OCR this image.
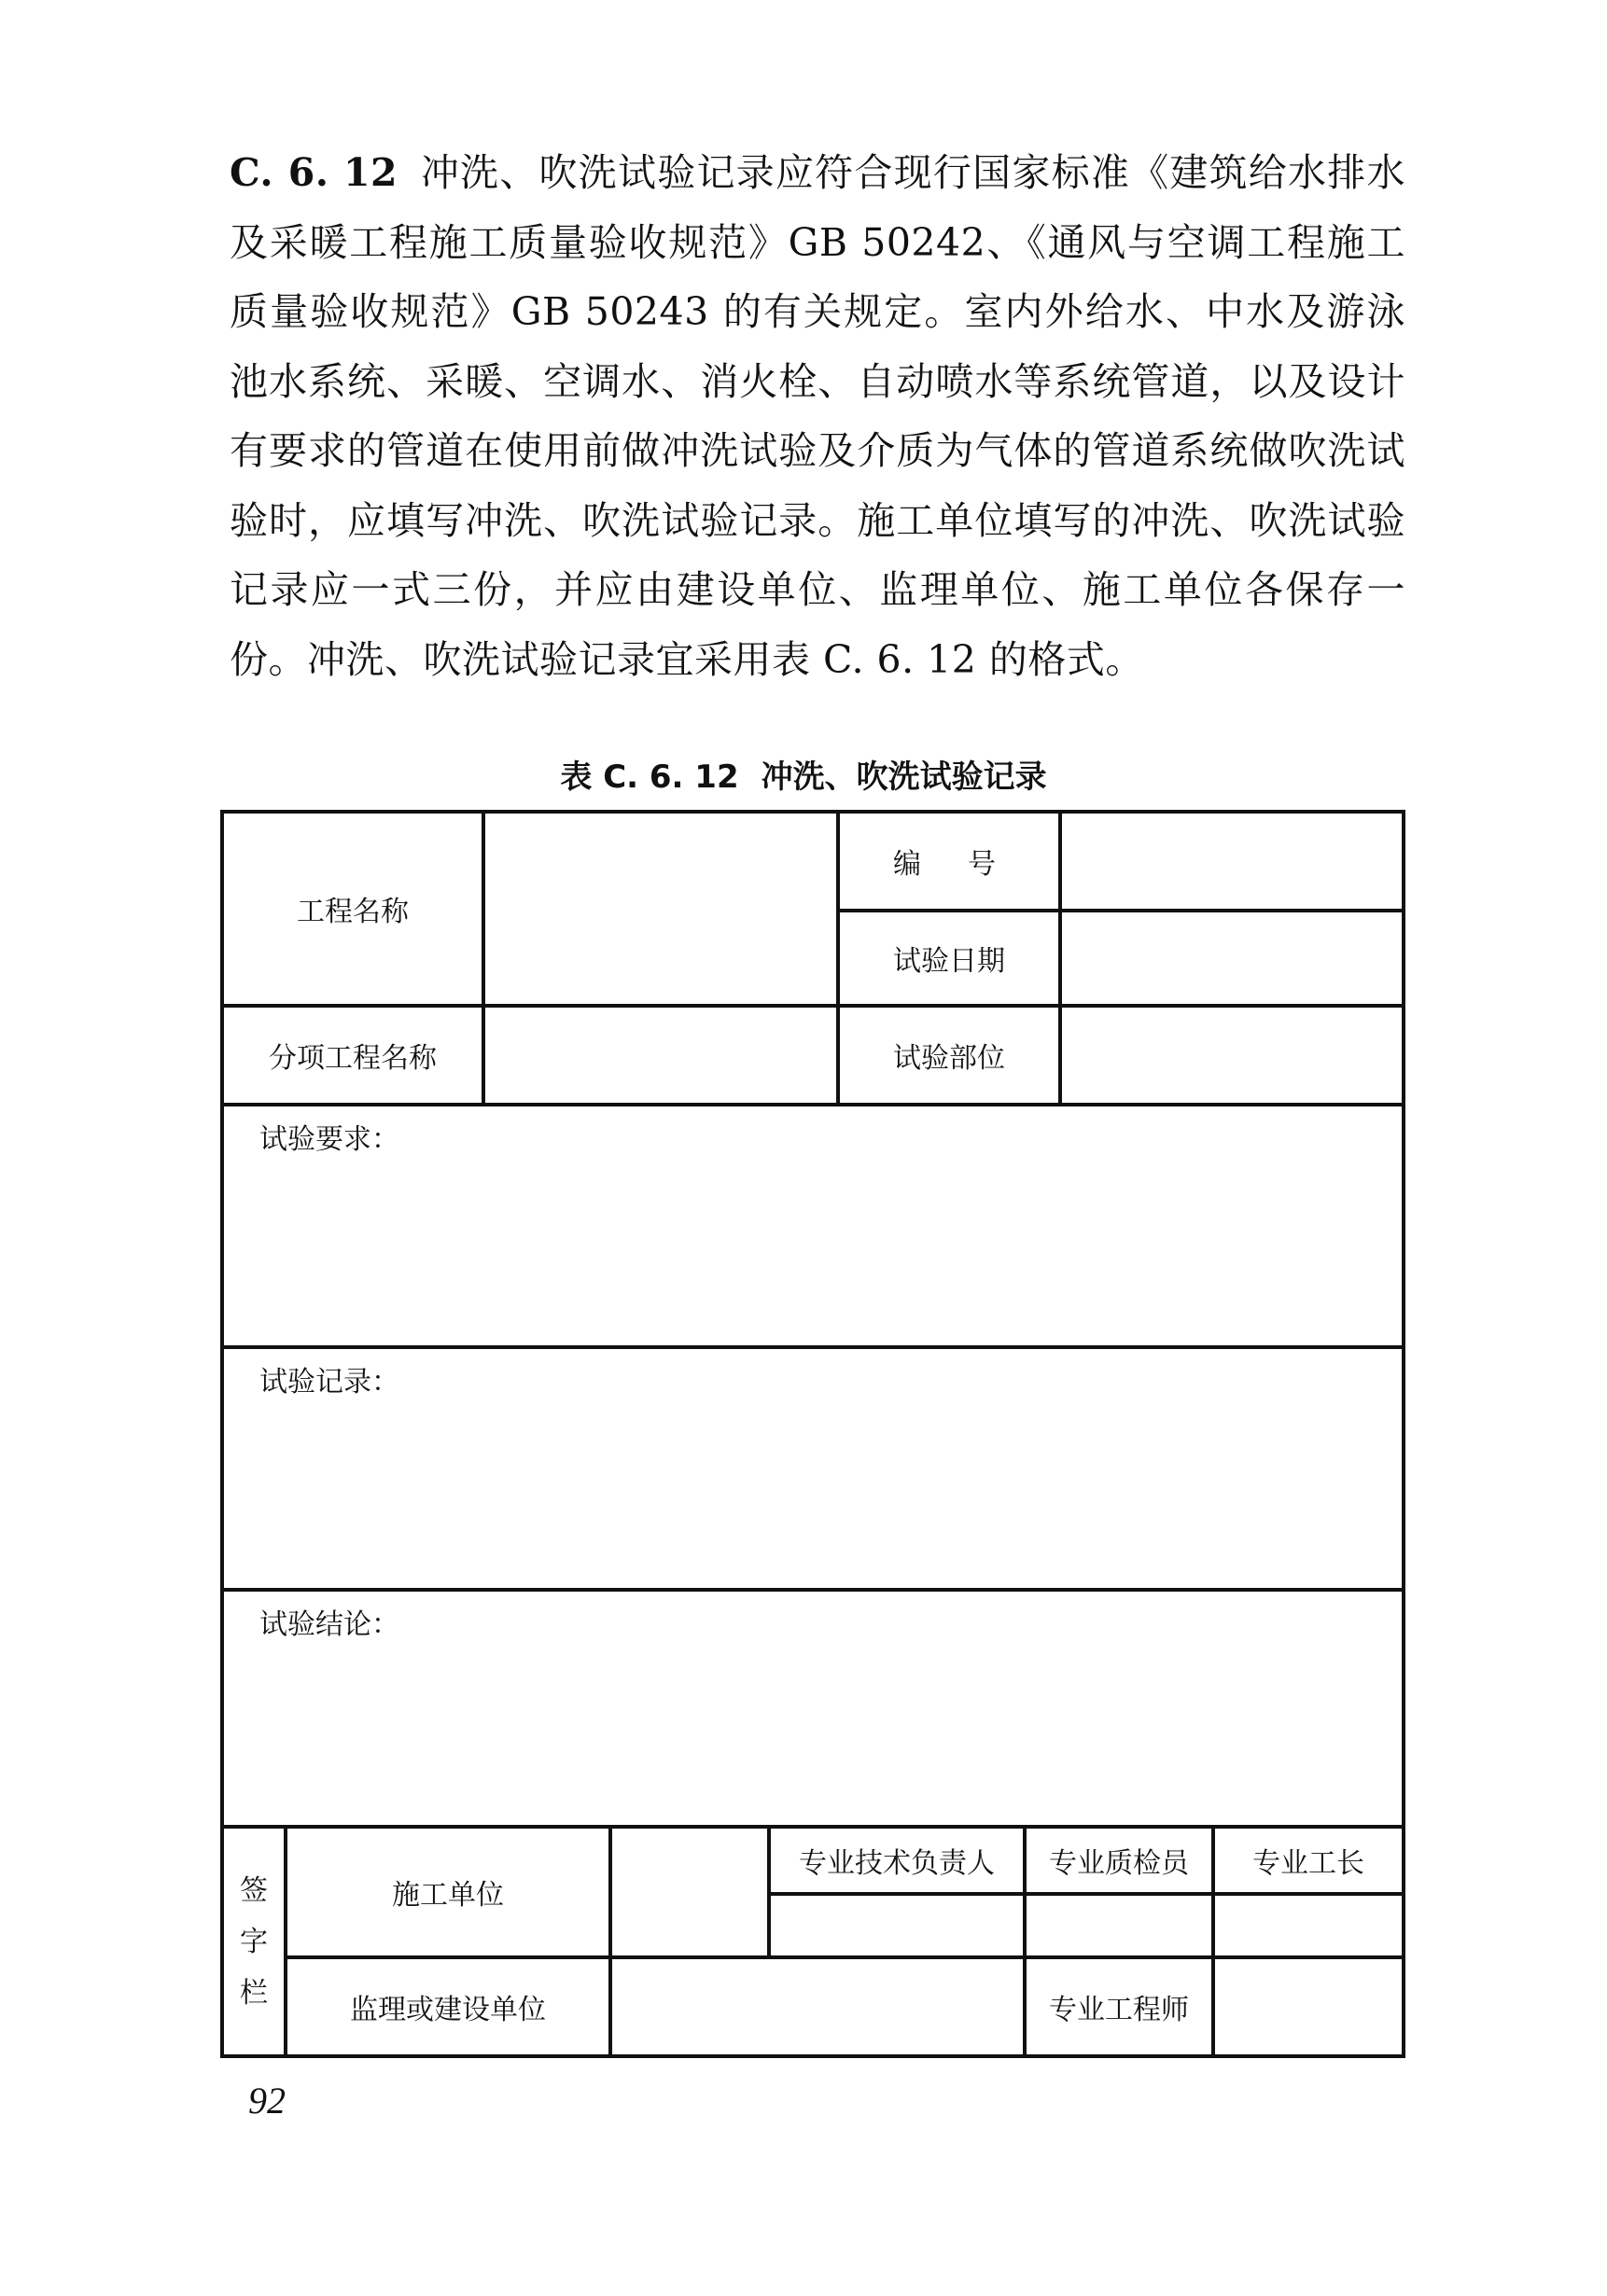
C. 6. 12 冲洗、吹洗试验记录应符合现行国家标准《建筑给水排水及采暖工程施工质量验收规范》GB 50242、《通风与空调工程施工质量验收规范》GB 50243 的有关规定。室内外给水、中水及游泳池水系统、采暖、空调水、消火栓、自动喷水等系统管道，以及设计有要求的管道在使用前做冲洗试验及介质为气体的管道系统做吹洗试验时，应填写冲洗、吹洗试验记录。施工单位填写的冲洗、吹洗试验记录应一式三份，并应由建设单位、监理单位、施工单位各保存一份。冲洗、吹洗试验记录宜采用表 C. 6. 12 的格式。
表 C. 6. 12 冲洗、吹洗试验记录
工程名称
编　号
试验日期
分项工程名称	试验部位
试验要求：
试验记录：
试验结论：
签
字
栏
施工单位
专业技术负责人 专业质检员 专业工长
监理或建设单位	专业工程师
92
